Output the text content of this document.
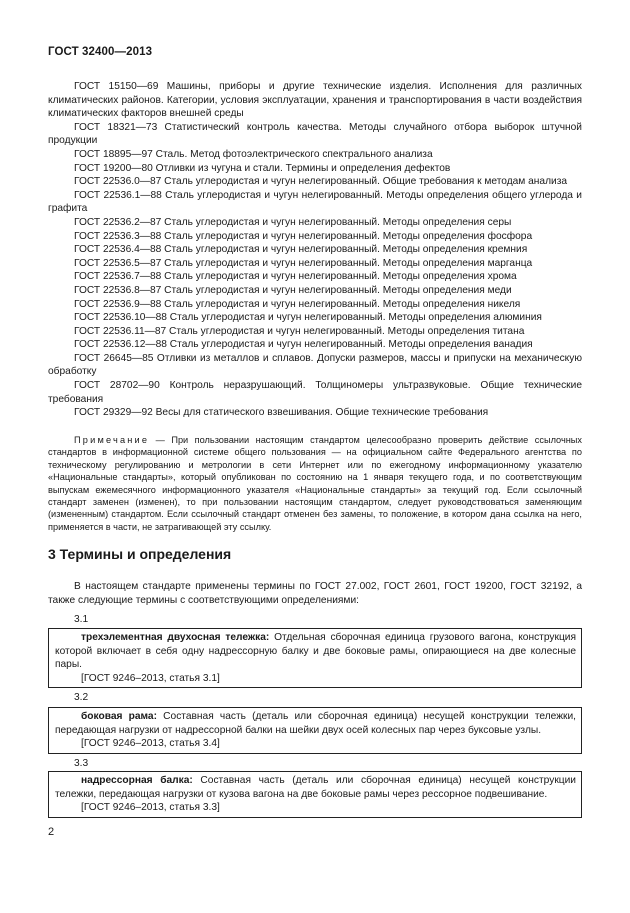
ГОСТ 32400—2013

ГОСТ 15150—69 Машины, приборы и другие технические изделия. Исполнения для различных климатических районов. Категории, условия эксплуатации, хранения и транспортирования в части воздействия климатических факторов внешней среды

ГОСТ 18321—73 Статистический контроль качества. Методы случайного отбора выборок штучной продукции

ГОСТ 18895—97 Сталь. Метод фотоэлектрического спектрального анализа

ГОСТ 19200—80 Отливки из чугуна и стали. Термины и определения дефектов

ГОСТ 22536.0—87 Сталь углеродистая и чугун нелегированный. Общие требования к методам анализа

ГОСТ 22536.1—88 Сталь углеродистая и чугун нелегированный. Методы определения общего углерода и графита

ГОСТ 22536.2—87 Сталь углеродистая и чугун нелегированный. Методы определения серы

ГОСТ 22536.3—88 Сталь углеродистая и чугун нелегированный. Методы определения фосфора

ГОСТ 22536.4—88 Сталь углеродистая и чугун нелегированный. Методы определения кремния

ГОСТ 22536.5—87 Сталь углеродистая и чугун нелегированный. Методы определения марганца

ГОСТ 22536.7—88 Сталь углеродистая и чугун нелегированный. Методы определения хрома

ГОСТ 22536.8—87 Сталь углеродистая и чугун нелегированный. Методы определения меди

ГОСТ 22536.9—88 Сталь углеродистая и чугун нелегированный. Методы определения никеля

ГОСТ 22536.10—88 Сталь углеродистая и чугун нелегированный. Методы определения алюминия

ГОСТ 22536.11—87 Сталь углеродистая и чугун нелегированный. Методы определения титана

ГОСТ 22536.12—88 Сталь углеродистая и чугун нелегированный. Методы определения ванадия

ГОСТ 26645—85 Отливки из металлов и сплавов. Допуски размеров, массы и припуски на механическую обработку

ГОСТ 28702—90 Контроль неразрушающий. Толщиномеры ультразвуковые. Общие технические требования

ГОСТ 29329—92 Весы для статического взвешивания. Общие технические требования

Примечание — При пользовании настоящим стандартом целесообразно проверить действие ссылочных стандартов в информационной системе общего пользования — на официальном сайте Федерального агентства по техническому регулированию и метрологии в сети Интернет или по ежегодному информационному указателю «Национальные стандарты», который опубликован по состоянию на 1 января текущего года, и по соответствующим выпускам ежемесячного информационного указателя «Национальные стандарты» за текущий год. Если ссылочный стандарт заменен (изменен), то при пользовании настоящим стандартом, следует руководствоваться заменяющим (измененным) стандартом. Если ссылочный стандарт отменен без замены, то положение, в котором дана ссылка на него, применяется в части, не затрагивающей эту ссылку.

3 Термины и определения

В настоящем стандарте применены термины по ГОСТ 27.002, ГОСТ 2601, ГОСТ 19200, ГОСТ 32192, а также следующие термины с соответствующими определениями:

3.1

трехэлементная двухосная тележка: Отдельная сборочная единица грузового вагона, конструкция которой включает в себя одну надрессорную балку и две боковые рамы, опирающиеся на две колесные пары.

[ГОСТ 9246–2013, статья 3.1]

3.2

боковая рама: Составная часть (деталь или сборочная единица) несущей конструкции тележки, передающая нагрузки от надрессорной балки на шейки двух осей колесных пар через буксовые узлы.

[ГОСТ 9246–2013, статья 3.4]

3.3

надрессорная балка: Составная часть (деталь или сборочная единица) несущей конструкции тележки, передающая нагрузки от кузова вагона на две боковые рамы через рессорное подвешивание.

[ГОСТ 9246–2013, статья 3.3]

2
